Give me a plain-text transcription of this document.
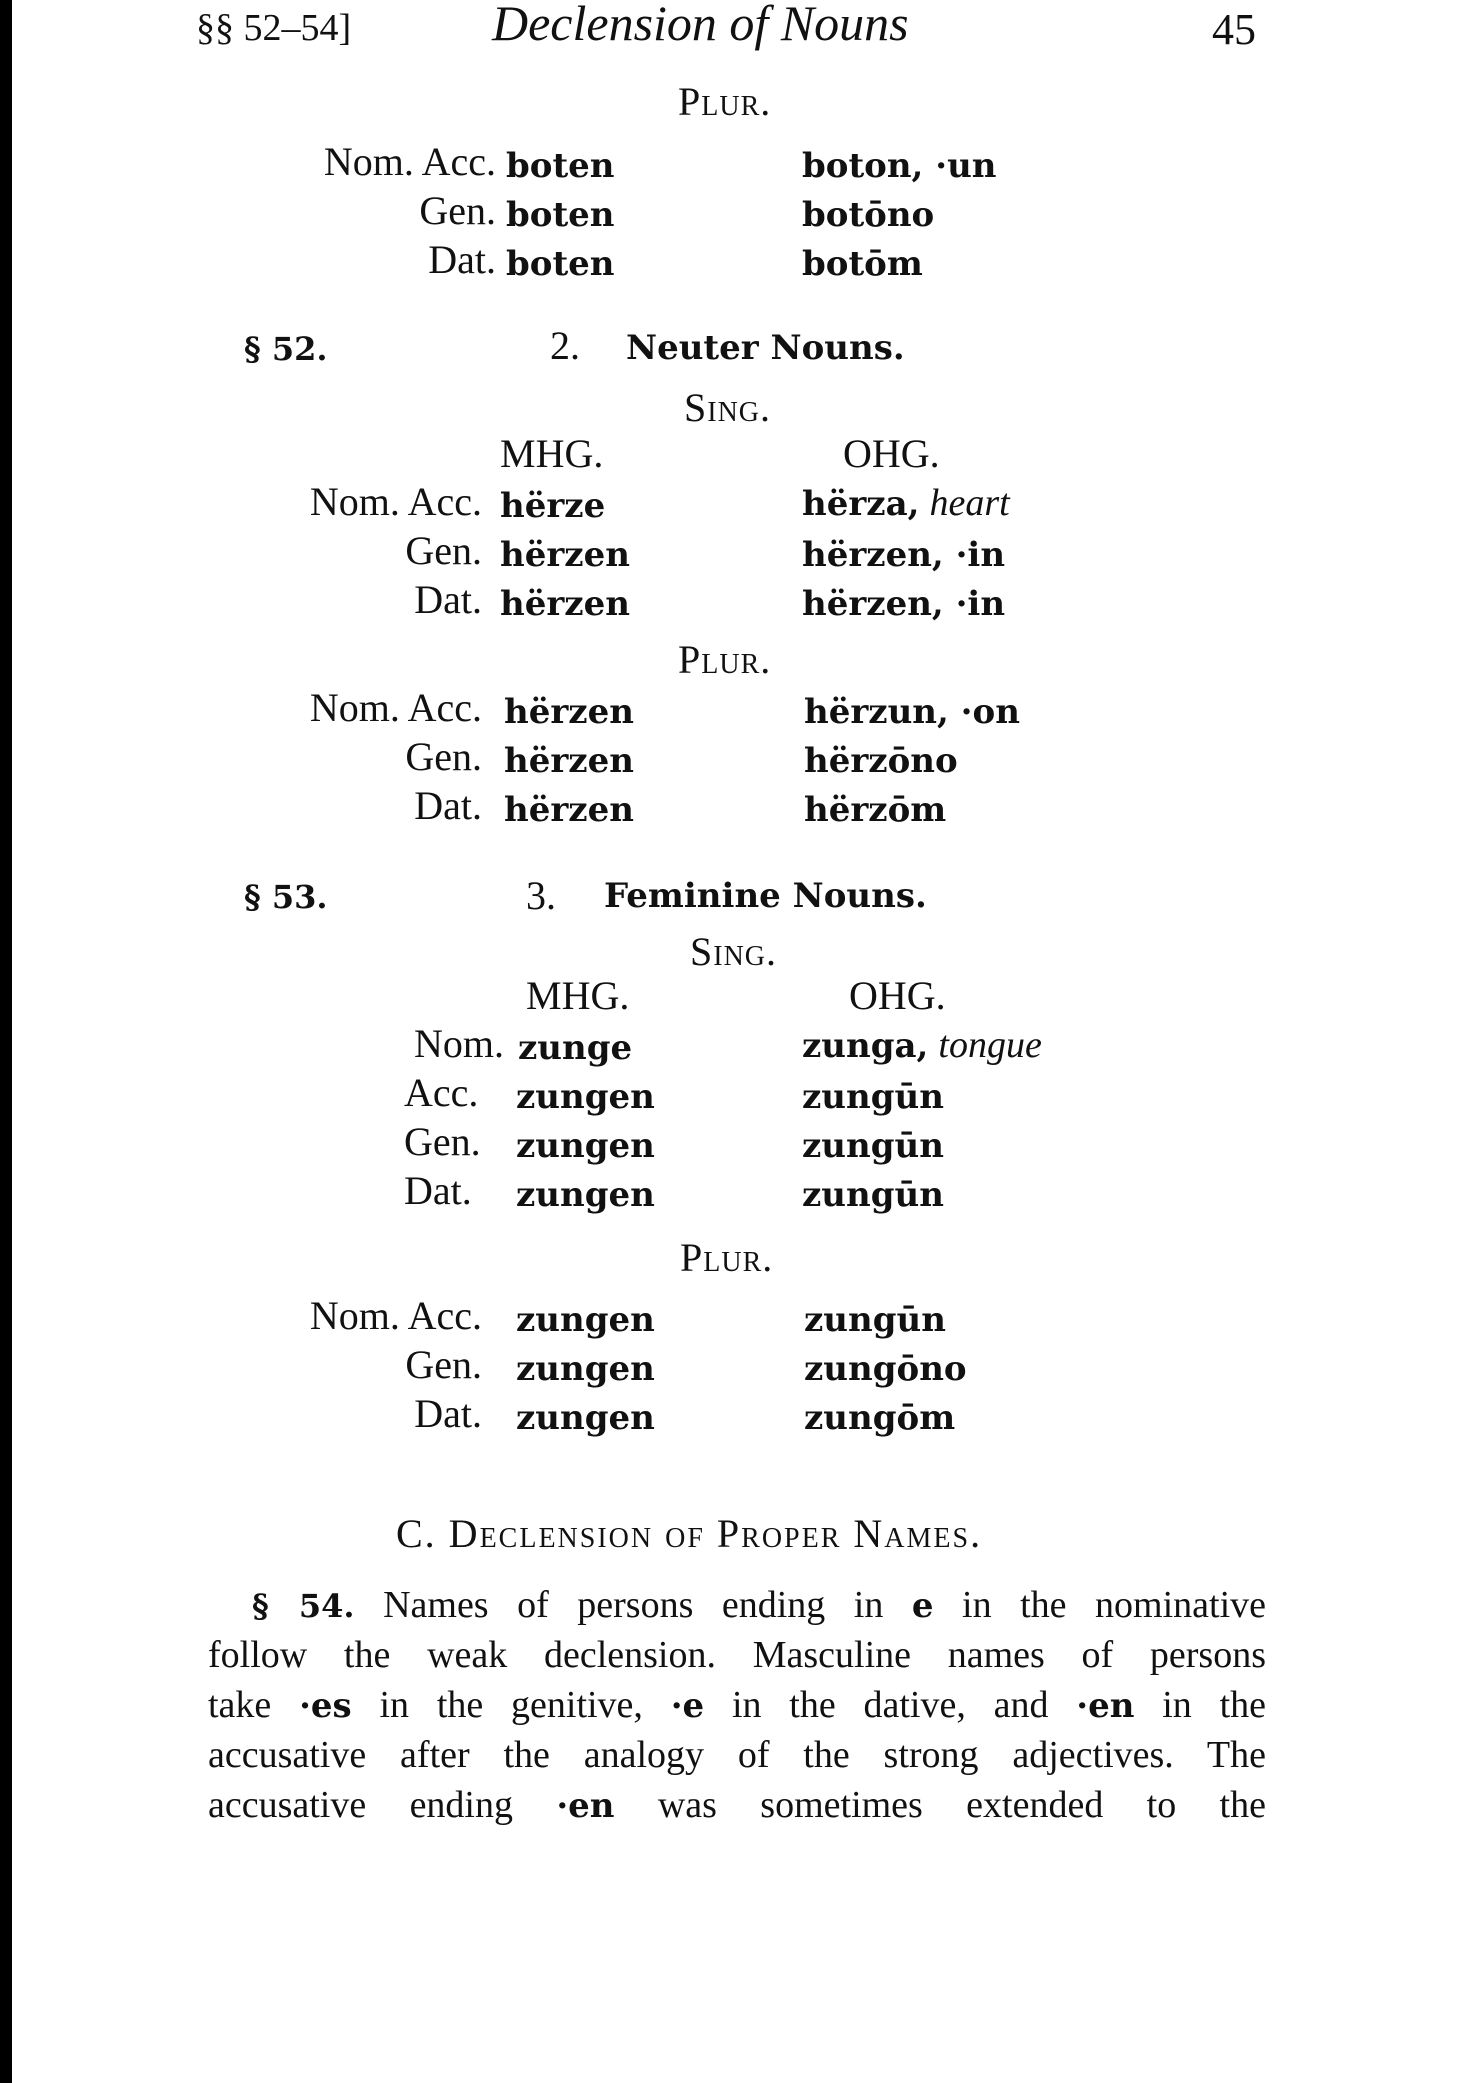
§§ 52–54]	Declension of Nouns	45
Plur.
Nom. Acc. boten	boton, ·un
Gen. boten	botōno
Dat. boten	botōm
§ 52.	2. Neuter Nouns.
Sing.
MHG.	OHG.
Nom. Acc. hërze	hërza, heart
Gen. hërzen	hërzen, ·in
Dat. hërzen	hërzen, ·in
Plur.
Nom. Acc. hërzen	hërzun, ·on
Gen. hërzen	hërzōno
Dat. hërzen	hërzōm
§ 53.	3. Feminine Nouns.
Sing.
MHG.	OHG.
Nom. zunge	zunga, tongue
Acc. zungen	zungūn
Gen. zungen	zungūn
Dat. zungen	zungūn
Plur.
Nom. Acc. zungen	zungūn
Gen. zungen	zungōno
Dat. zungen	zungōm
C. Declension of Proper Names.
§ 54. Names of persons ending in e in the nominative
follow the weak declension. Masculine names of persons
take ·es in the genitive, ·e in the dative, and ·en in the
accusative after the analogy of the strong adjectives. The
accusative ending ·en was sometimes extended to the
